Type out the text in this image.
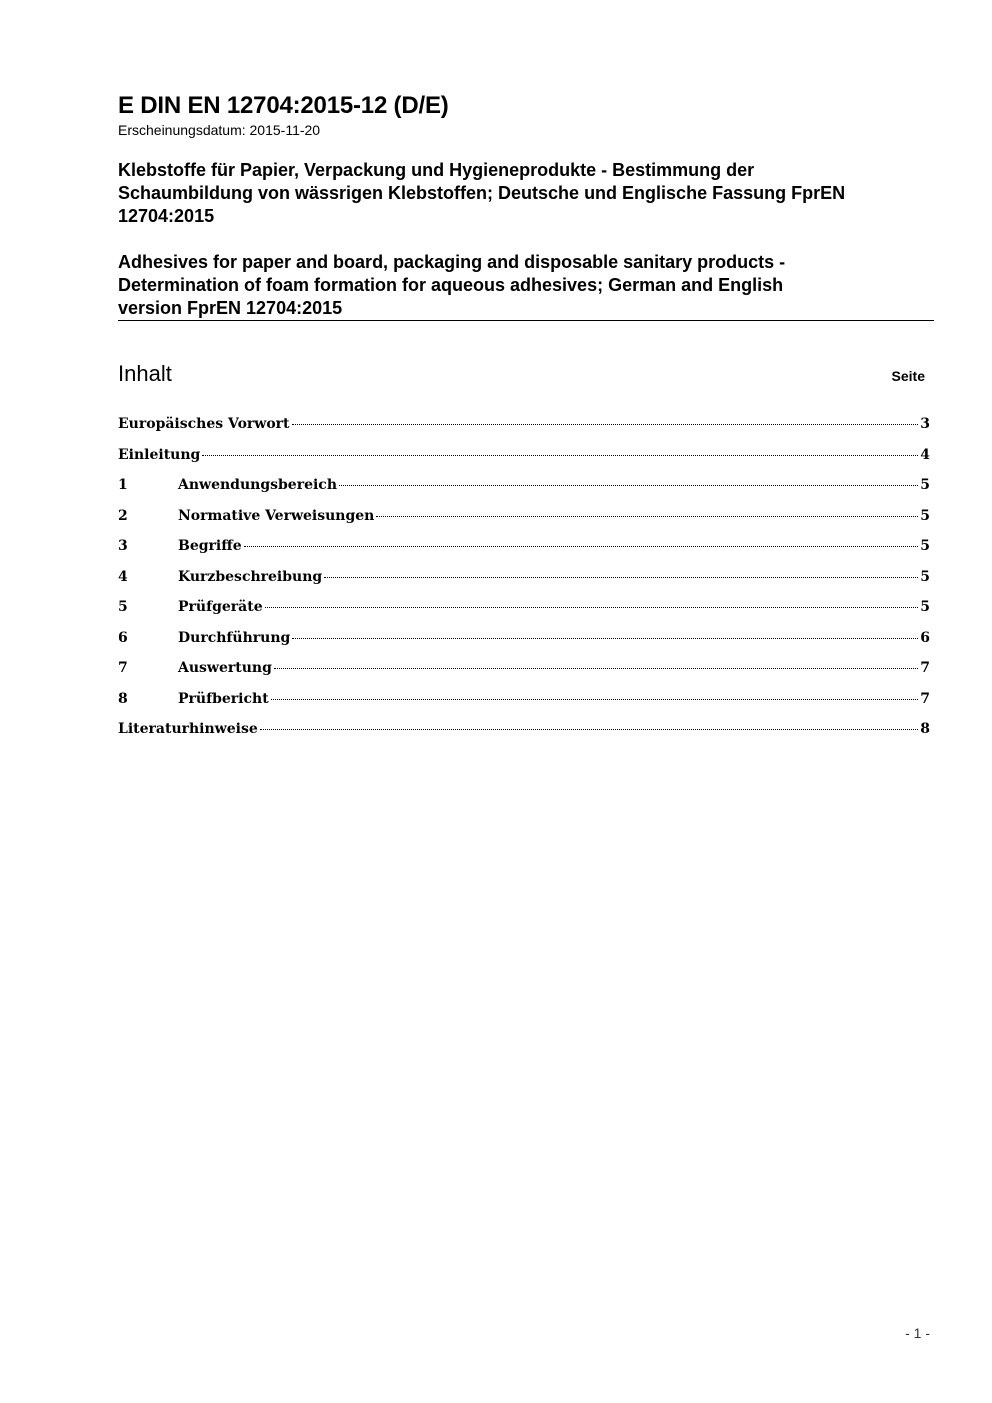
E DIN EN 12704:2015-12 (D/E)
Erscheinungsdatum: 2015-11-20
Klebstoffe für Papier, Verpackung und Hygieneprodukte - Bestimmung der
Schaumbildung von wässrigen Klebstoffen; Deutsche und Englische Fassung FprEN
12704:2015
Adhesives for paper and board, packaging and disposable sanitary products -
Determination of foam formation for aqueous adhesives; German and English
version FprEN 12704:2015
Inhalt	Seite
Europäisches Vorwort	3
Einleitung	4
1	Anwendungsbereich	5
2	Normative Verweisungen	5
3	Begriffe	5
4	Kurzbeschreibung	5
5	Prüfgeräte	5
6	Durchführung	6
7	Auswertung	7
8	Prüfbericht	7
Literaturhinweise	8
- 1 -
